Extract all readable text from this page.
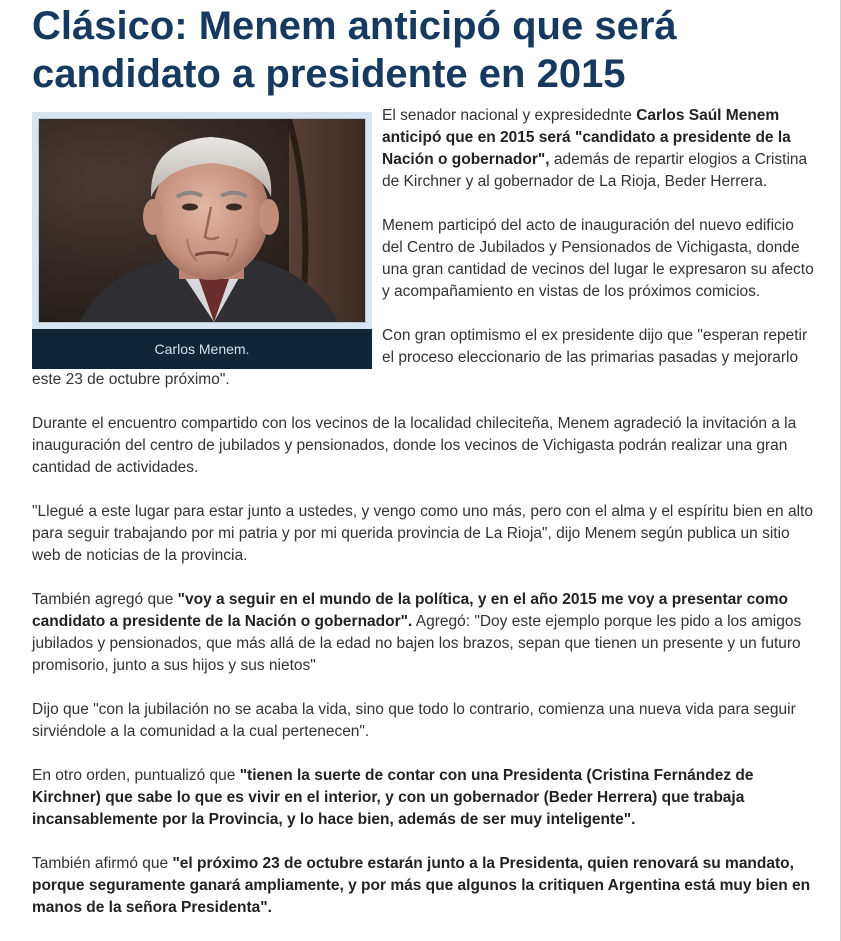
Clásico: Menem anticipó que será candidato a presidente en 2015
Carlos Menem.

El senador nacional y expresidednte Carlos Saúl Menem anticipó que en 2015 será "candidato a presidente de la Nación o gobernador", además de repartir elogios a Cristina de Kirchner y al gobernador de La Rioja, Beder Herrera.

Menem participó del acto de inauguración del nuevo edificio del Centro de Jubilados y Pensionados de Vichigasta, donde una gran cantidad de vecinos del lugar le expresaron su afecto y acompañamiento en vistas de los próximos comicios.

Con gran optimismo el ex presidente dijo que "esperan repetir el proceso eleccionario de las primarias pasadas y mejorarlo este 23 de octubre próximo".

Durante el encuentro compartido con los vecinos de la localidad chileciteña, Menem agradeció la invitación a la inauguración del centro de jubilados y pensionados, donde los vecinos de Vichigasta podrán realizar una gran cantidad de actividades.

"Llegué a este lugar para estar junto a ustedes, y vengo como uno más, pero con el alma y el espíritu bien en alto para seguir trabajando por mi patria y por mi querida provincia de La Rioja", dijo Menem según publica un sitio web de noticias de la provincia.

También agregó que "voy a seguir en el mundo de la política, y en el año 2015 me voy a presentar como candidato a presidente de la Nación o gobernador". Agregó: "Doy este ejemplo porque les pido a los amigos jubilados y pensionados, que más allá de la edad no bajen los brazos, sepan que tienen un presente y un futuro promisorio, junto a sus hijos y sus nietos"

Dijo que "con la jubilación no se acaba la vida, sino que todo lo contrario, comienza una nueva vida para seguir sirviéndole a la comunidad a la cual pertenecen".

En otro orden, puntualizó que "tienen la suerte de contar con una Presidenta (Cristina Fernández de Kirchner) que sabe lo que es vivir en el interior, y con un gobernador (Beder Herrera) que trabaja incansablemente por la Provincia, y lo hace bien, además de ser muy inteligente".

También afirmó que "el próximo 23 de octubre estarán junto a la Presidenta, quien renovará su mandato, porque seguramente ganará ampliamente, y por más que algunos la critiquen Argentina está muy bien en manos de la señora Presidenta".
